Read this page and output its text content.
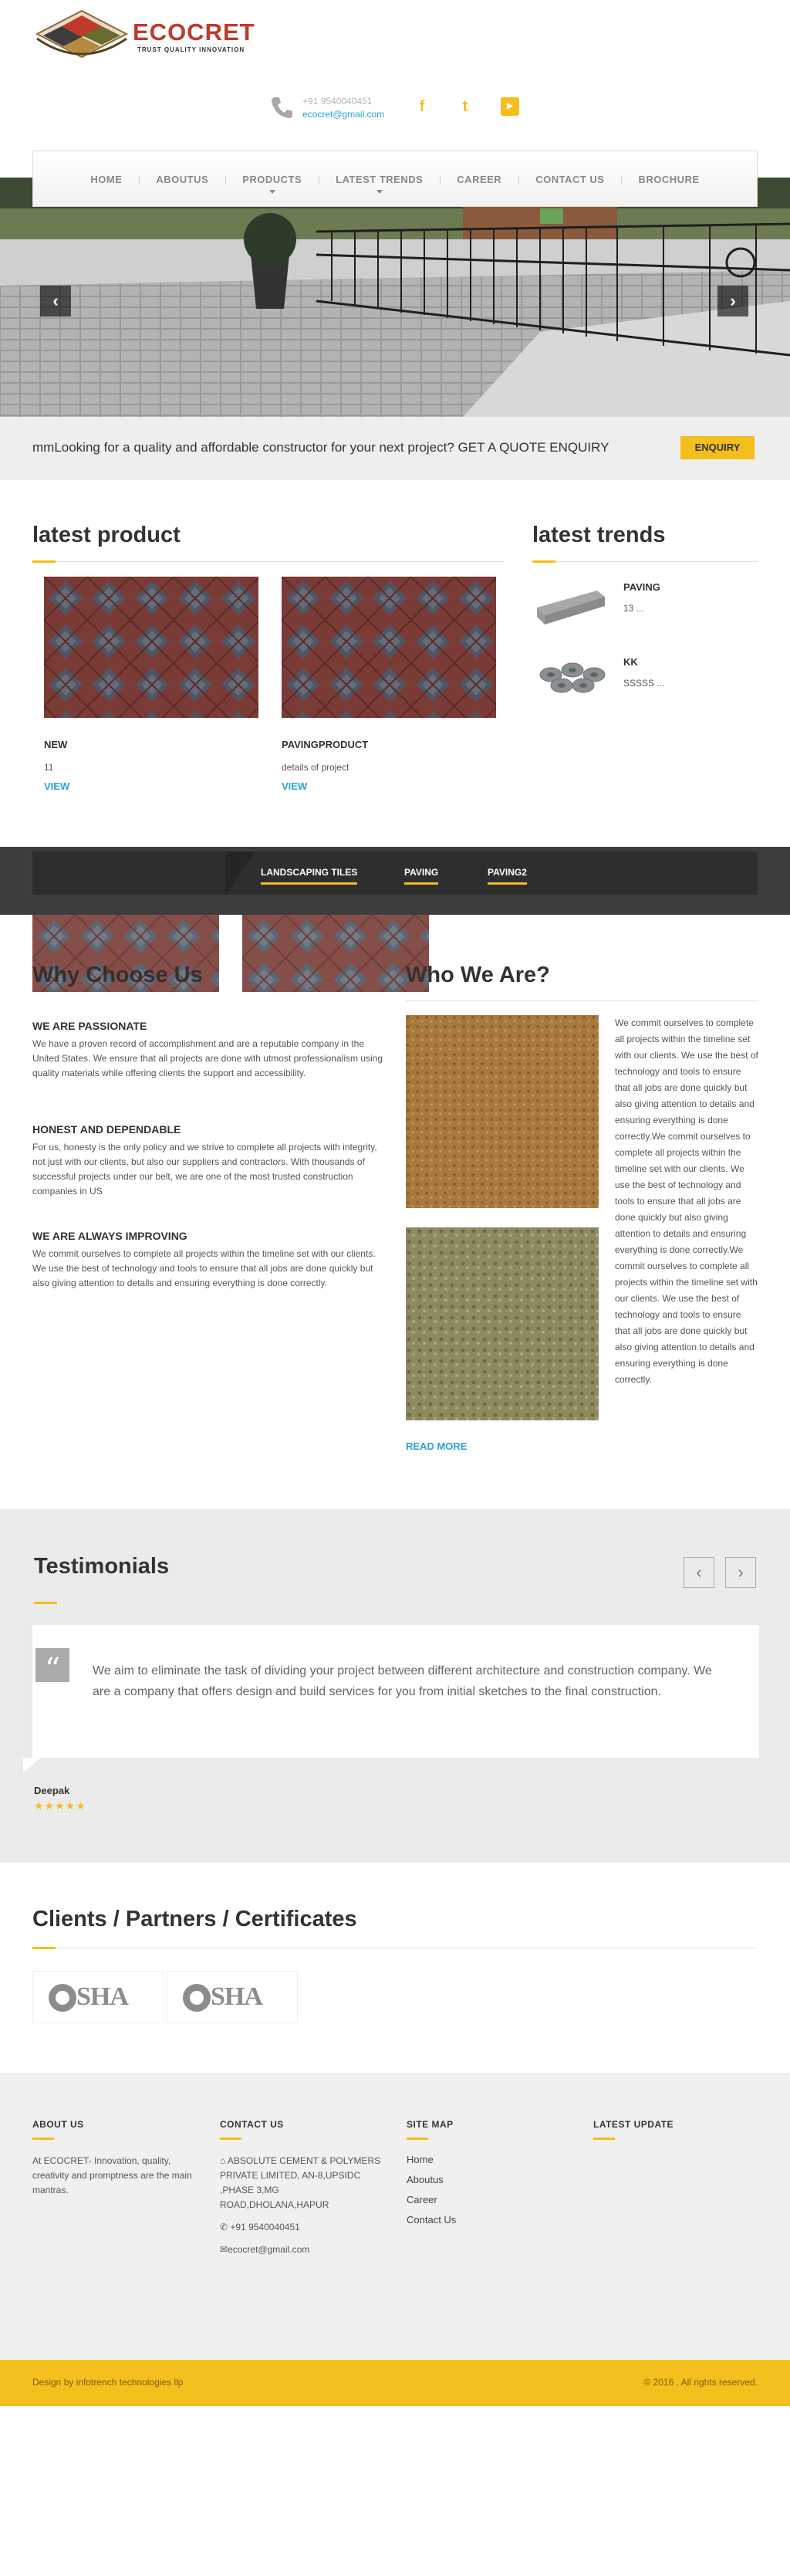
ECOCRET
TRUST QUALITY INNOVATION
+91 9540040451
ecocret@gmail.com	f	t	▶
HOME	ABOUTUS	PRODUCTS	LATEST TRENDS	CAREER	CONTACT US	BROCHURE
‹	›
mmLooking for a quality and affordable constructor for your next project? GET A QUOTE ENQUIRY	ENQUIRY
latest product
NEW
11
VIEW
PAVINGPRODUCT
details of project
VIEW
latest trends
PAVING
13 ...
KK
SSSSS ...
LANDSCAPING TILES	PAVING	PAVING2
Why Choose Us
WE ARE PASSIONATE
We have a proven record of accomplishment and are a reputable company in the United States. We ensure that all projects are done with utmost professionalism using quality materials while offering clients the support and accessibility.
HONEST AND DEPENDABLE
For us, honesty is the only policy and we strive to complete all projects with integrity, not just with our clients, but also our suppliers and contractors. With thousands of successful projects under our belt, we are one of the most trusted construction companies in US
WE ARE ALWAYS IMPROVING
We commit ourselves to complete all projects within the timeline set with our clients. We use the best of technology and tools to ensure that all jobs are done quickly but also giving attention to details and ensuring everything is done correctly.
Who We Are?
We commit ourselves to complete all projects within the timeline set with our clients. We use the best of technology and tools to ensure that all jobs are done quickly but also giving attention to details and ensuring everything is done correctly.We commit ourselves to complete all projects within the timeline set with our clients. We use the best of technology and tools to ensure that all jobs are done quickly but also giving attention to details and ensuring everything is done correctly.We commit ourselves to complete all projects within the timeline set with our clients. We use the best of technology and tools to ensure that all jobs are done quickly but also giving attention to details and ensuring everything is done correctly.
READ MORE
Testimonials	‹	›
“	We aim to eliminate the task of dividing your project between different architecture and construction company. We are a company that offers design and build services for you from initial sketches to the final construction.
Deepak
★★★★★
Clients / Partners / Certificates
SHA	SHA
ABOUT US
At ECOCRET- Innovation, quality, creativity and promptness are the main mantras.
CONTACT US
⌂ ABSOLUTE CEMENT & POLYMERS PRIVATE LIMITED, AN-8,UPSIDC ,PHASE 3,MG ROAD,DHOLANA,HAPUR
✆ +91 9540040451
✉ecocret@gmail.com
SITE MAP
Home
Aboutus
Career
Contact Us
LATEST UPDATE
Design by infotrench technologies llp	© 2016 . All rights reserved.
